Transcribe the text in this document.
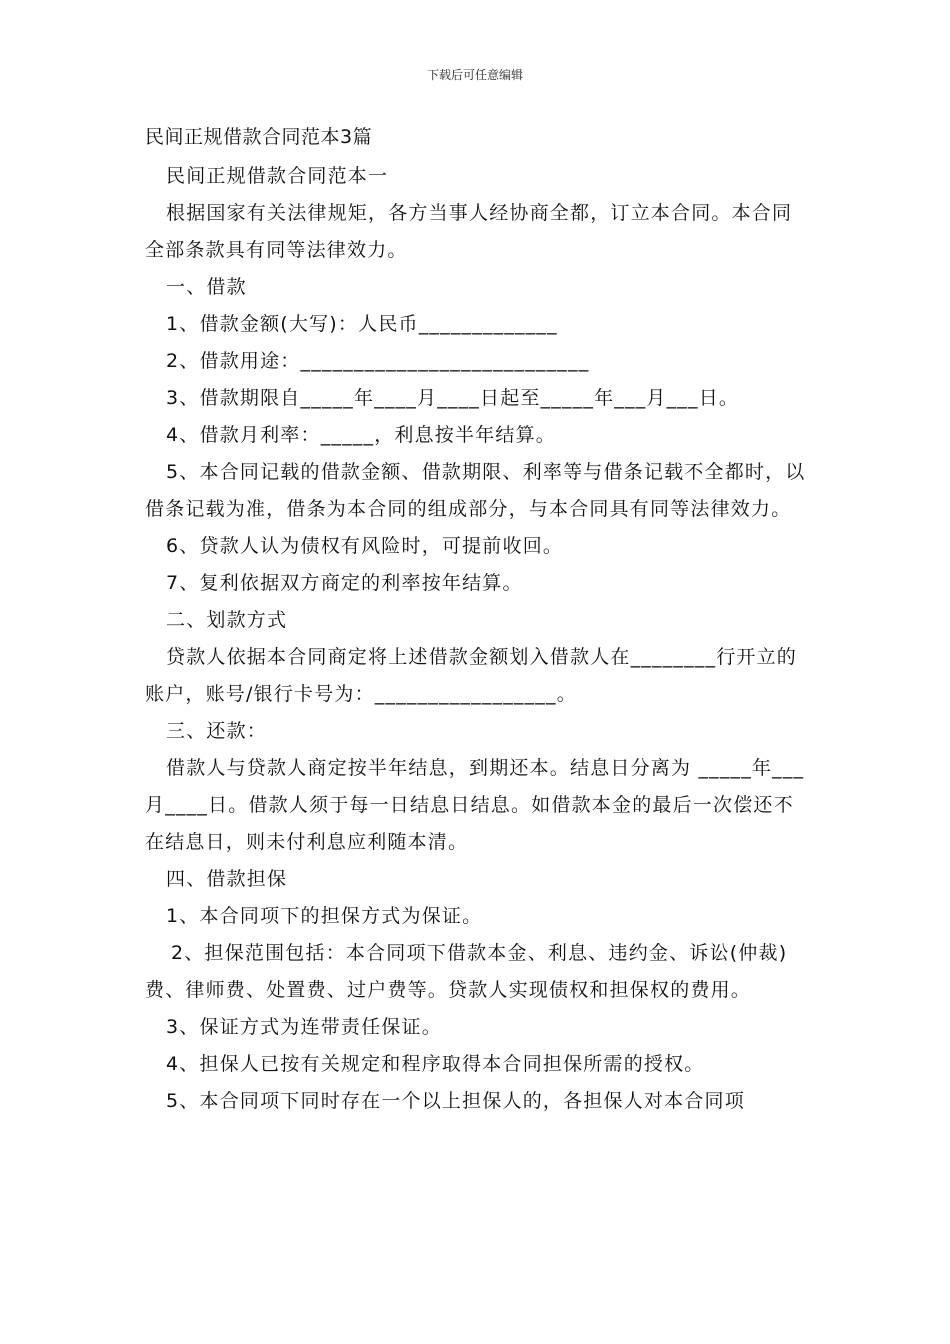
下载后可任意编辑
民间正规借款合同范本3篇

民间正规借款合同范本一

根据国家有关法律规矩，各方当事人经协商全都，订立本合同。本合同全部条款具有同等法律效力。

一、借款

1、借款金额(大写)：人民币_____________

2、借款用途：___________________________

3、借款期限自_____年____月____日起至_____年___月___日。

4、借款月利率：_____，利息按半年结算。

5、本合同记载的借款金额、借款期限、利率等与借条记载不全都时，以借条记载为准，借条为本合同的组成部分，与本合同具有同等法律效力。

6、贷款人认为债权有风险时，可提前收回。

7、复利依据双方商定的利率按年结算。

二、划款方式

贷款人依据本合同商定将上述借款金额划入借款人在________行开立的账户，账号/银行卡号为：_________________。

三、还款：

借款人与贷款人商定按半年结息，到期还本。结息日分离为 _____年___月____日。借款人须于每一日结息日结息。如借款本金的最后一次偿还不在结息日，则未付利息应利随本清。

四、借款担保

1、本合同项下的担保方式为保证。

2、担保范围包括：本合同项下借款本金、利息、违约金、诉讼(仲裁)费、律师费、处置费、过户费等。贷款人实现债权和担保权的费用。

3、保证方式为连带责任保证。

4、担保人已按有关规定和程序取得本合同担保所需的授权。

5、本合同项下同时存在一个以上担保人的，各担保人对本合同项
